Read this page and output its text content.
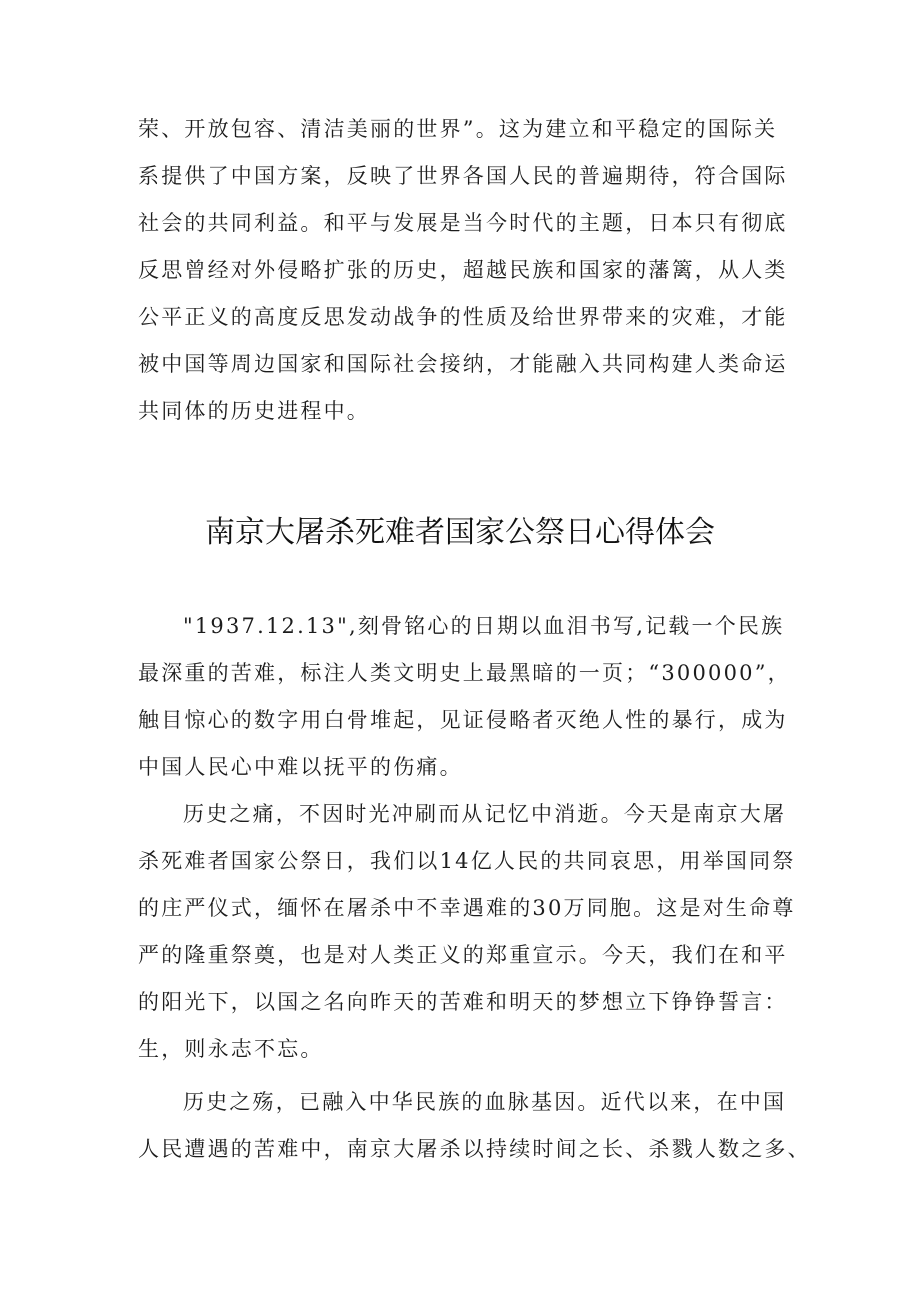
荣、开放包容、清洁美丽的世界”。这为建立和平稳定的国际关
系提供了中国方案，反映了世界各国人民的普遍期待，符合国际
社会的共同利益。和平与发展是当今时代的主题，日本只有彻底
反思曾经对外侵略扩张的历史，超越民族和国家的藩篱，从人类
公平正义的高度反思发动战争的性质及给世界带来的灾难，才能
被中国等周边国家和国际社会接纳，才能融入共同构建人类命运
共同体的历史进程中。
南京大屠杀死难者国家公祭日心得体会
"1937.12.13",刻骨铭心的日期以血泪书写,记载一个民族
最深重的苦难，标注人类文明史上最黑暗的一页；“300000”，
触目惊心的数字用白骨堆起，见证侵略者灭绝人性的暴行，成为
中国人民心中难以抚平的伤痛。
历史之痛，不因时光冲刷而从记忆中消逝。今天是南京大屠
杀死难者国家公祭日，我们以14亿人民的共同哀思，用举国同祭
的庄严仪式，缅怀在屠杀中不幸遇难的30万同胞。这是对生命尊
严的隆重祭奠，也是对人类正义的郑重宣示。今天，我们在和平
的阳光下，以国之名向昨天的苦难和明天的梦想立下铮铮誓言：
生，则永志不忘。
历史之殇，已融入中华民族的血脉基因。近代以来，在中国
人民遭遇的苦难中，南京大屠杀以持续时间之长、杀戮人数之多、
